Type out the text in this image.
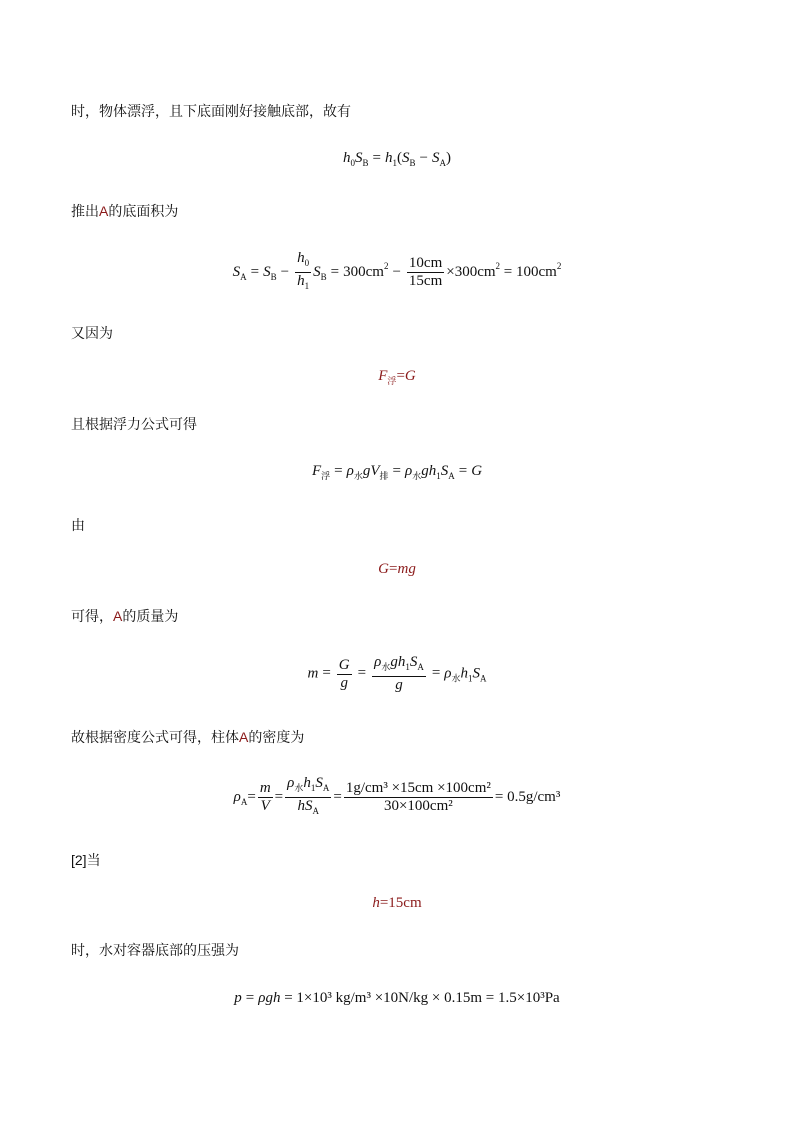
时，物体漂浮，且下底面刚好接触底部，故有
$h_0S_B = h_1(S_B - S_A)$
推出A的底面积为
$S_A = S_B - \frac{h_0}{h_1} S_B = 300cm^2 - \frac{10cm}{15cm} \times 300cm^2 = 100cm^2$
又因为
$F_浮=G$
且根据浮力公式可得
$F_浮 = \rho_水gV_排 = \rho_水gh_1S_A = G$
由
G=mg
可得，A的质量为
$m = \frac{G}{g} = \frac{\rho_水gh_1S_A}{g} = \rho_水h_1S_A$
故根据密度公式可得，柱体A的密度为
$\rho_A= \frac{m}{V} = \frac{\rho_水h_1S_A}{hS_A} = \frac{\text{1g/cm³ ×15cm ×100cm²}}{\text{30×100cm²}} = 0.5g/cm^3$
[2]当
h=15cm
时，水对容器底部的压强为
p = ρgh = 1×10³ kg/m³ ×10N/kg × 0.15m = 1.5×10³Pa
